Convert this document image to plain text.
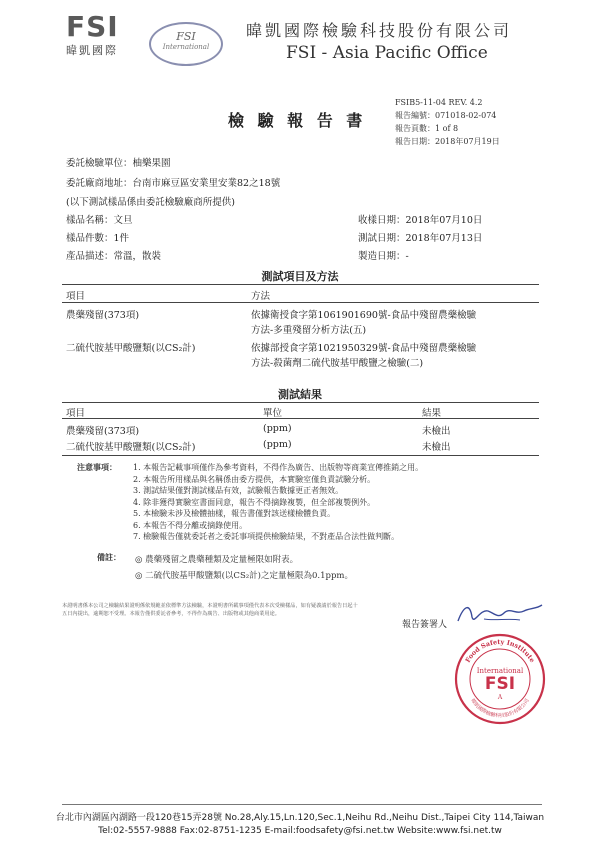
FSI
暐凱國際
FSI
International
暐凱國際檢驗科技股份有限公司
FSI - Asia Pacific Office
檢 驗 報 告 書
FSIB5-11-04 REV. 4.2
報告編號：071018-02-074
報告頁數：1 of 8
報告日期：2018年07月19日
委託檢驗單位：柚樂果園
委託廠商地址：台南市麻豆區安業里安業82之18號
(以下測試樣品係由委託檢驗廠商所提供)
樣品名稱：文旦
樣品件數：1件
產品描述：常溫，散裝
收樣日期：2018年07月10日
測試日期：2018年07月13日
製造日期：-
測試項目及方法
項目	方法
農藥殘留(373項)	依據衛授食字第1061901690號-食品中殘留農藥檢驗
方法-多重殘留分析方法(五)
二硫代胺基甲酸鹽類(以CS₂計)	依據部授食字第1021950329號-食品中殘留農藥檢驗
方法-殺菌劑二硫代胺基甲酸鹽之檢驗(二)
測試結果
項目	單位	結果
農藥殘留(373項)	(ppm)	未檢出
二硫代胺基甲酸鹽類(以CS₂計)	(ppm)	未檢出
注意事項： 1. 本報告記載事項僅作為參考資料，不得作為廣告、出版物等商業宣傳推銷之用。
2. 本報告所用樣品與名稱係由委方提供，本實驗室僅負責試驗分析。
3. 測試結果僅對測試樣品有效，試驗報告數據更正者無效。
4. 除非獲得實驗室書面同意，報告不得摘錄複製，但全部複製例外。
5. 本檢驗未涉及檢體抽樣，報告書僅對該送樣檢體負責。
6. 本報告不得分離或摘錄使用。
7. 檢驗報告僅就委託者之委託事項提供檢驗結果，不對產品合法性做判斷。
備註： ◎ 農藥殘留之農藥種類及定量極限如附表。
◎ 二硫代胺基甲酸鹽類(以CS₂計)之定量極限為0.1ppm。
本證明書係本公司之檢驗結果證明係依規範並依標準方法檢驗，本證明書所載事項僅代表本次受檢樣品，如有疑義請於報告日起十五日內提出，逾期恕不受理。本報告僅供委託者參考，不得作為廣告、出版物或其他商業用途。
報告簽署人
Food Safety Institute
International
FSI
A
暐凱國際檢驗科技股份有限公司
台北市內湖區內湖路一段120巷15弄28號 No.28,Aly.15,Ln.120,Sec.1,Neihu Rd.,Neihu Dist.,Taipei City 114,Taiwan
Tel:02-5557-9888 Fax:02-8751-1235 E-mail:foodsafety@fsi.net.tw Website:www.fsi.net.tw
